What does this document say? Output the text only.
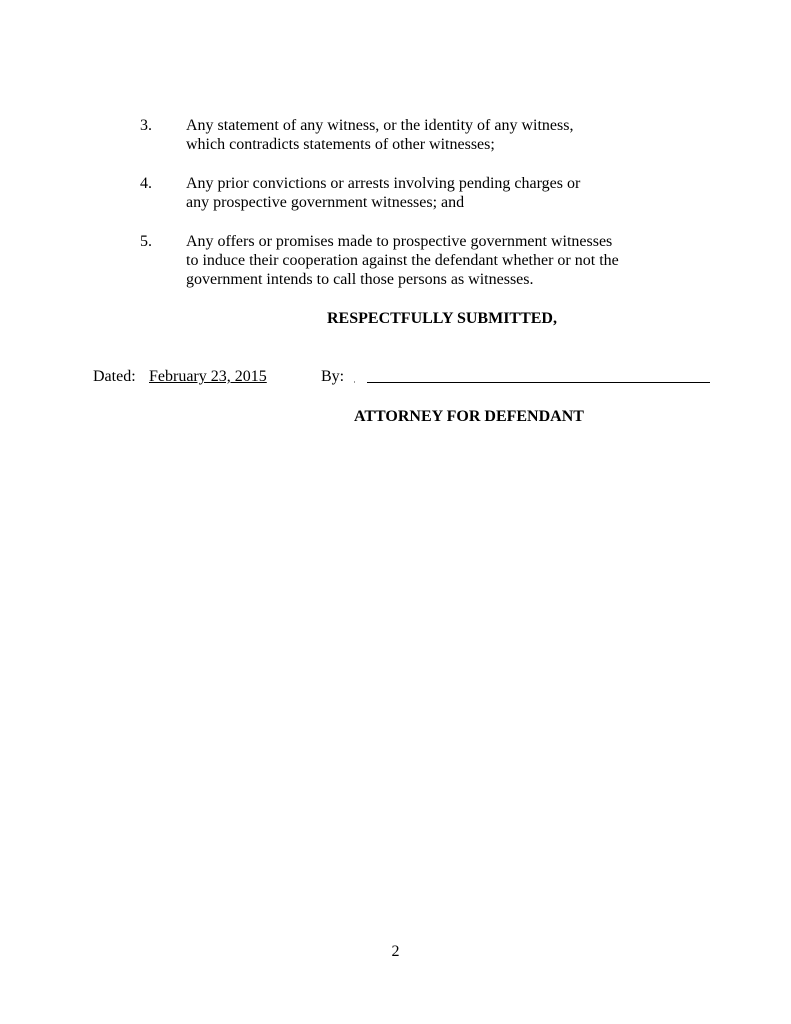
3. Any statement of any witness, or the identity of any witness,
which contradicts statements of other witnesses;
4. Any prior convictions or arrests involving pending charges or
any prospective government witnesses; and
5. Any offers or promises made to prospective government witnesses
to induce their cooperation against the defendant whether or not the
government intends to call those persons as witnesses.
RESPECTFULLY SUBMITTED,
Dated: February 23, 2015	By:
ATTORNEY FOR DEFENDANT
2
